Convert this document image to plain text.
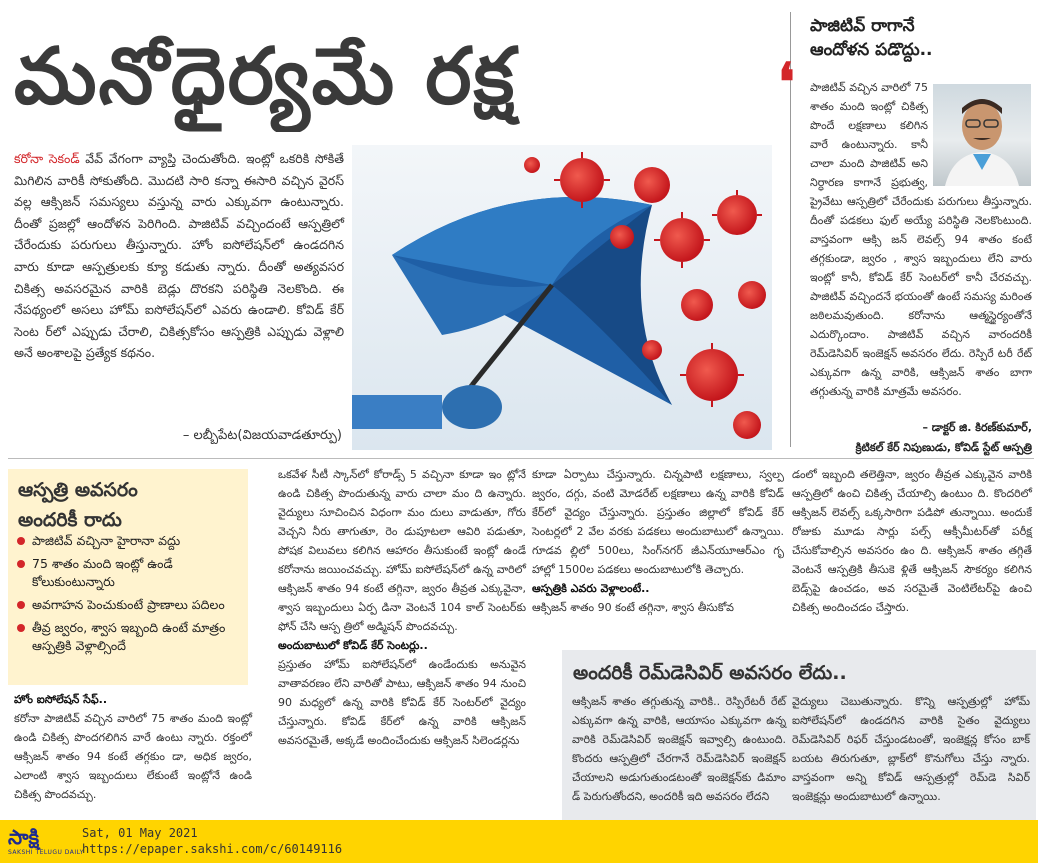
మనోధైర్యమే రక్ష
కరోనా సెకండ్ వేవ్ వేగంగా వ్యాప్తి చెందుతోంది. ఇంట్లో ఒకరికి సోకితే మిగిలిన వారికీ సోకుతోంది. మొదటి సారి కన్నా ఈసారి వచ్చిన వైరస్ వల్ల ఆక్సిజన్ సమస్యలు వస్తున్న వారు ఎక్కువగా ఉంటున్నారు. దీంతో ప్రజల్లో ఆందోళన పెరిగింది. పాజిటివ్ వచ్చిందంటే ఆస్పత్రిలో చేరేందుకు పరుగులు తీస్తున్నారు. హోం ఐసోలేషన్‌లో ఉండదగిన వారు కూడా ఆస్పత్రులకు క్యూ కడుతు న్నారు. దీంతో అత్యవసర చికిత్స అవసరమైన వారికి బెడ్లు దొరకని పరిస్థితి నెలకొంది. ఈ నేపథ్యంలో అసలు హోమ్ ఐసోలేషన్‌లో ఎవరు ఉండాలి. కోవిడ్ కేర్ సెంట ర్‌లో ఎప్పుడు చేరాలి, చికిత్సకోసం ఆస్పత్రికి ఎప్పుడు వెళ్లాలి అనే అంశాలపై ప్రత్యేక కథనం.
– లబ్బీపేట(విజయవాడతూర్పు)
పాజిటివ్ రాగానే
ఆందోళన పడొద్దు..
❛ పాజిటివ్ వచ్చిన వారిలో 75 శాతం మంది ఇంట్లో చికిత్స పొందే లక్షణాలు కలిగిన వారే ఉంటున్నారు. కానీ చాలా మంది పాజిటివ్ అని నిర్ధారణ కాగానే ప్రభుత్వ, ప్రైవేటు ఆస్పత్రిలో చేరేందుకు పరుగులు తీస్తున్నారు. దీంతో పడకలు ఫుల్ అయ్యే పరిస్థితి నెలకొంటుంది. వాస్తవంగా ఆక్సి జన్ లెవల్స్ 94 శాతం కంటే తగ్గకుండా, జ్వరం , శ్వాస ఇబ్బందులు లేని వారు ఇంట్లో కానీ, కోవిడ్ కేర్ సెంటర్‌లో కానీ చేరవచ్చు. పాజిటివ్ వచ్చిందనే భయంతో ఉంటే సమస్య మరింత జఠిలమవుతుంది. కరోనాను ఆత్మస్థైర్యంతోనే ఎదుర్కొందాం. పాజిటివ్ వచ్చిన వారందరికీ రెమ్‌డెసివిర్ ఇంజెక్షన్ అవసరం లేదు. రెస్పిరే టరీ రేట్ ఎక్కువగా ఉన్న వారికి, ఆక్సిజన్ శాతం బాగా తగ్గుతున్న వారికి మాత్రమే అవసరం.
– డాక్టర్ జి. కిరణ్‌కుమార్,
క్రిటికల్ కేర్ నిపుణుడు, కోవిడ్ స్టేట్ ఆస్పత్రి
ఆస్పత్రి అవసరం
అందరికీ రాదు
పాజిటివ్ వచ్చినా హైరానా వద్దు
75 శాతం మంది ఇంట్లో ఉండే కోలుకుంటున్నారు
అవగాహన పెంచుకుంటే ప్రాణాలు పదిలం
తీవ్ర జ్వరం, శ్వాస ఇబ్బంది ఉంటే మాత్రం ఆస్పత్రికి వెళ్లాల్సిందే
హోం ఐసోలేషన్ సేఫ్..
కరోనా పాజిటివ్ వచ్చిన వారిలో 75 శాతం మంది ఇంట్లో ఉండి చికిత్స పొందగలిగిన వారే ఉంటు న్నారు. రక్తంలో ఆక్సిజన్ శాతం 94 కంటే తగ్గకుం డా, అధిక జ్వరం, ఎలాంటి శ్వాస ఇబ్బందులు లేకుంటే ఇంట్లోనే ఉండి చికిత్స పొందవచ్చు.
ఒకవేళ సీటీ స్కాన్‌లో కోరాడ్స్ 5 వచ్చినా కూడా ఇం ట్లోనే ఉండి చికిత్స పొందుతున్న వారు చాలా మం ది ఉన్నారు. వైద్యులు సూచించిన విధంగా మం దులు వాడుతూ, గోరు వెచ్చని నీరు తాగుతూ, రెం డుపూటలా ఆవిరి పడుతూ, పోషక విలువలు కలిగిన ఆహారం తీసుకుంటే ఇంట్లో ఉండే కరోనాను జయించవచ్చు. హోమ్ ఐసోలేషన్‌లో ఉన్న వారిలో ఆక్సిజన్ శాతం 94 కంటే తగ్గినా, జ్వరం తీవ్రత ఎక్కువైనా, శ్వాస ఇబ్బందులు ఏర్ప డినా వెంటనే 104 కాల్ సెంటర్‌కు ఫోన్ చేసి ఆస్ప త్రిలో అడ్మిషన్ పొందవచ్చు.
అందుబాటులో కోవిడ్ కేర్ సెంటర్లు..
ప్రస్తుతం హోమ్ ఐసోలేషన్‌లో ఉండేందుకు అనువైన వాతావరణం లేని వారితో పాటు, ఆక్సిజన్ శాతం 94 నుంచి 90 మధ్యలో ఉన్న వారికి కోవిడ్ కేర్ సెంటర్‌లో వైద్యం చేస్తున్నారు. కోవిడ్ కేర్‌లో ఉన్న వారికి ఆక్సిజన్ అవసరమైతే, అక్కడే అందించేందుకు ఆక్సిజన్ సిలెండర్లను
కూడా ఏర్పాటు చేస్తున్నారు. చిన్నపాటి లక్షణాలు, స్వల్ప జ్వరం, దగ్గు, వంటి మోడరేట్ లక్షణాలు ఉన్న వారికి కోవిడ్ కేర్‌లో వైద్యం చేస్తున్నారు. ప్రస్తుతం జిల్లాలో కోవిడ్ కేర్ సెంటర్లలో 2 వేల వరకు పడకలు అందుబాటులో ఉన్నాయి. గూడవ ల్లిలో 500లు, సింగ్‌నగర్ జీఎన్‌యూఆర్‌ఎం గృ హాల్లో 1500ల పడకలు అందుబాటులోకి తెచ్చారు.
ఆస్పత్రికి ఎవరు వెళ్లాలంటే..
ఆక్సిజన్ శాతం 90 కంటే తగ్గినా, శ్వాస తీసుకోవ
డంలో ఇబ్బంది తలెత్తినా, జ్వరం తీవ్రత ఎక్కువైన వారికి ఆస్పత్రిలో ఉంచి చికిత్స చేయాల్సి ఉంటుం ది. కొందరిలో ఆక్సిజన్ లెవల్స్ ఒక్కసారిగా పడిపో తున్నాయి. అందుకే రోజుకు మూడు సార్లు పల్స్ ఆక్సీమీటర్‌తో పరీక్ష చేసుకోవాల్సిన అవసరం ఉం ది. ఆక్సిజన్ శాతం తగ్గితే వెంటనే ఆస్పత్రికి తీసుకె ళ్లితే ఆక్సిజన్ సౌకర్యం కలిగిన బెడ్స్‌పై ఉంచడం, అవ సరమైతే వెంటిలేటర్‌పై ఉంచి చికిత్స అందించడం చేస్తారు.
అందరికీ రెమ్‌డెసివిర్ అవసరం లేదు..
ఆక్సిజన్ శాతం తగ్గుతున్న వారికి.. రెస్పిరేటరీ రేట్ ఎక్కువగా ఉన్న వారికి, ఆయాసం ఎక్కువగా ఉన్న వారికి రెమ్‌డెసివిర్ ఇంజెక్షన్ ఇవ్వాల్సి ఉంటుంది. కొందరు ఆస్పత్రిలో చేరగానే రెమ్‌డెసివిర్ ఇంజెక్షన్ చేయాలని అడుగుతుండటంతో ఇంజెక్షన్‌కు డిమాం డ్ పెరుగుతోందని, అందరికీ ఇది అవసరం లేదని
వైద్యులు చెబుతున్నారు. కొన్ని ఆస్పత్రుల్లో హోమ్ ఐసోలేషన్‌లో ఉండదగిన వారికి సైతం వైద్యులు రెమ్‌డెసివిర్ రిఫర్ చేస్తుండటంతో, ఇంజెక్షన్ల కోసం బాక్ బయట తిరుగుతూ, బ్లాక్‌లో కొనుగోలు చేస్తు న్నారు. వాస్తవంగా అన్ని కోవిడ్ ఆస్పత్రుల్లో రెమ్‌డె సివిర్ ఇంజెక్షన్లు అందుబాటులో ఉన్నాయి.
సాక్షి
SAKSHI TELUGU DAILY
Sat, 01 May 2021
https://epaper.sakshi.com/c/60149116
